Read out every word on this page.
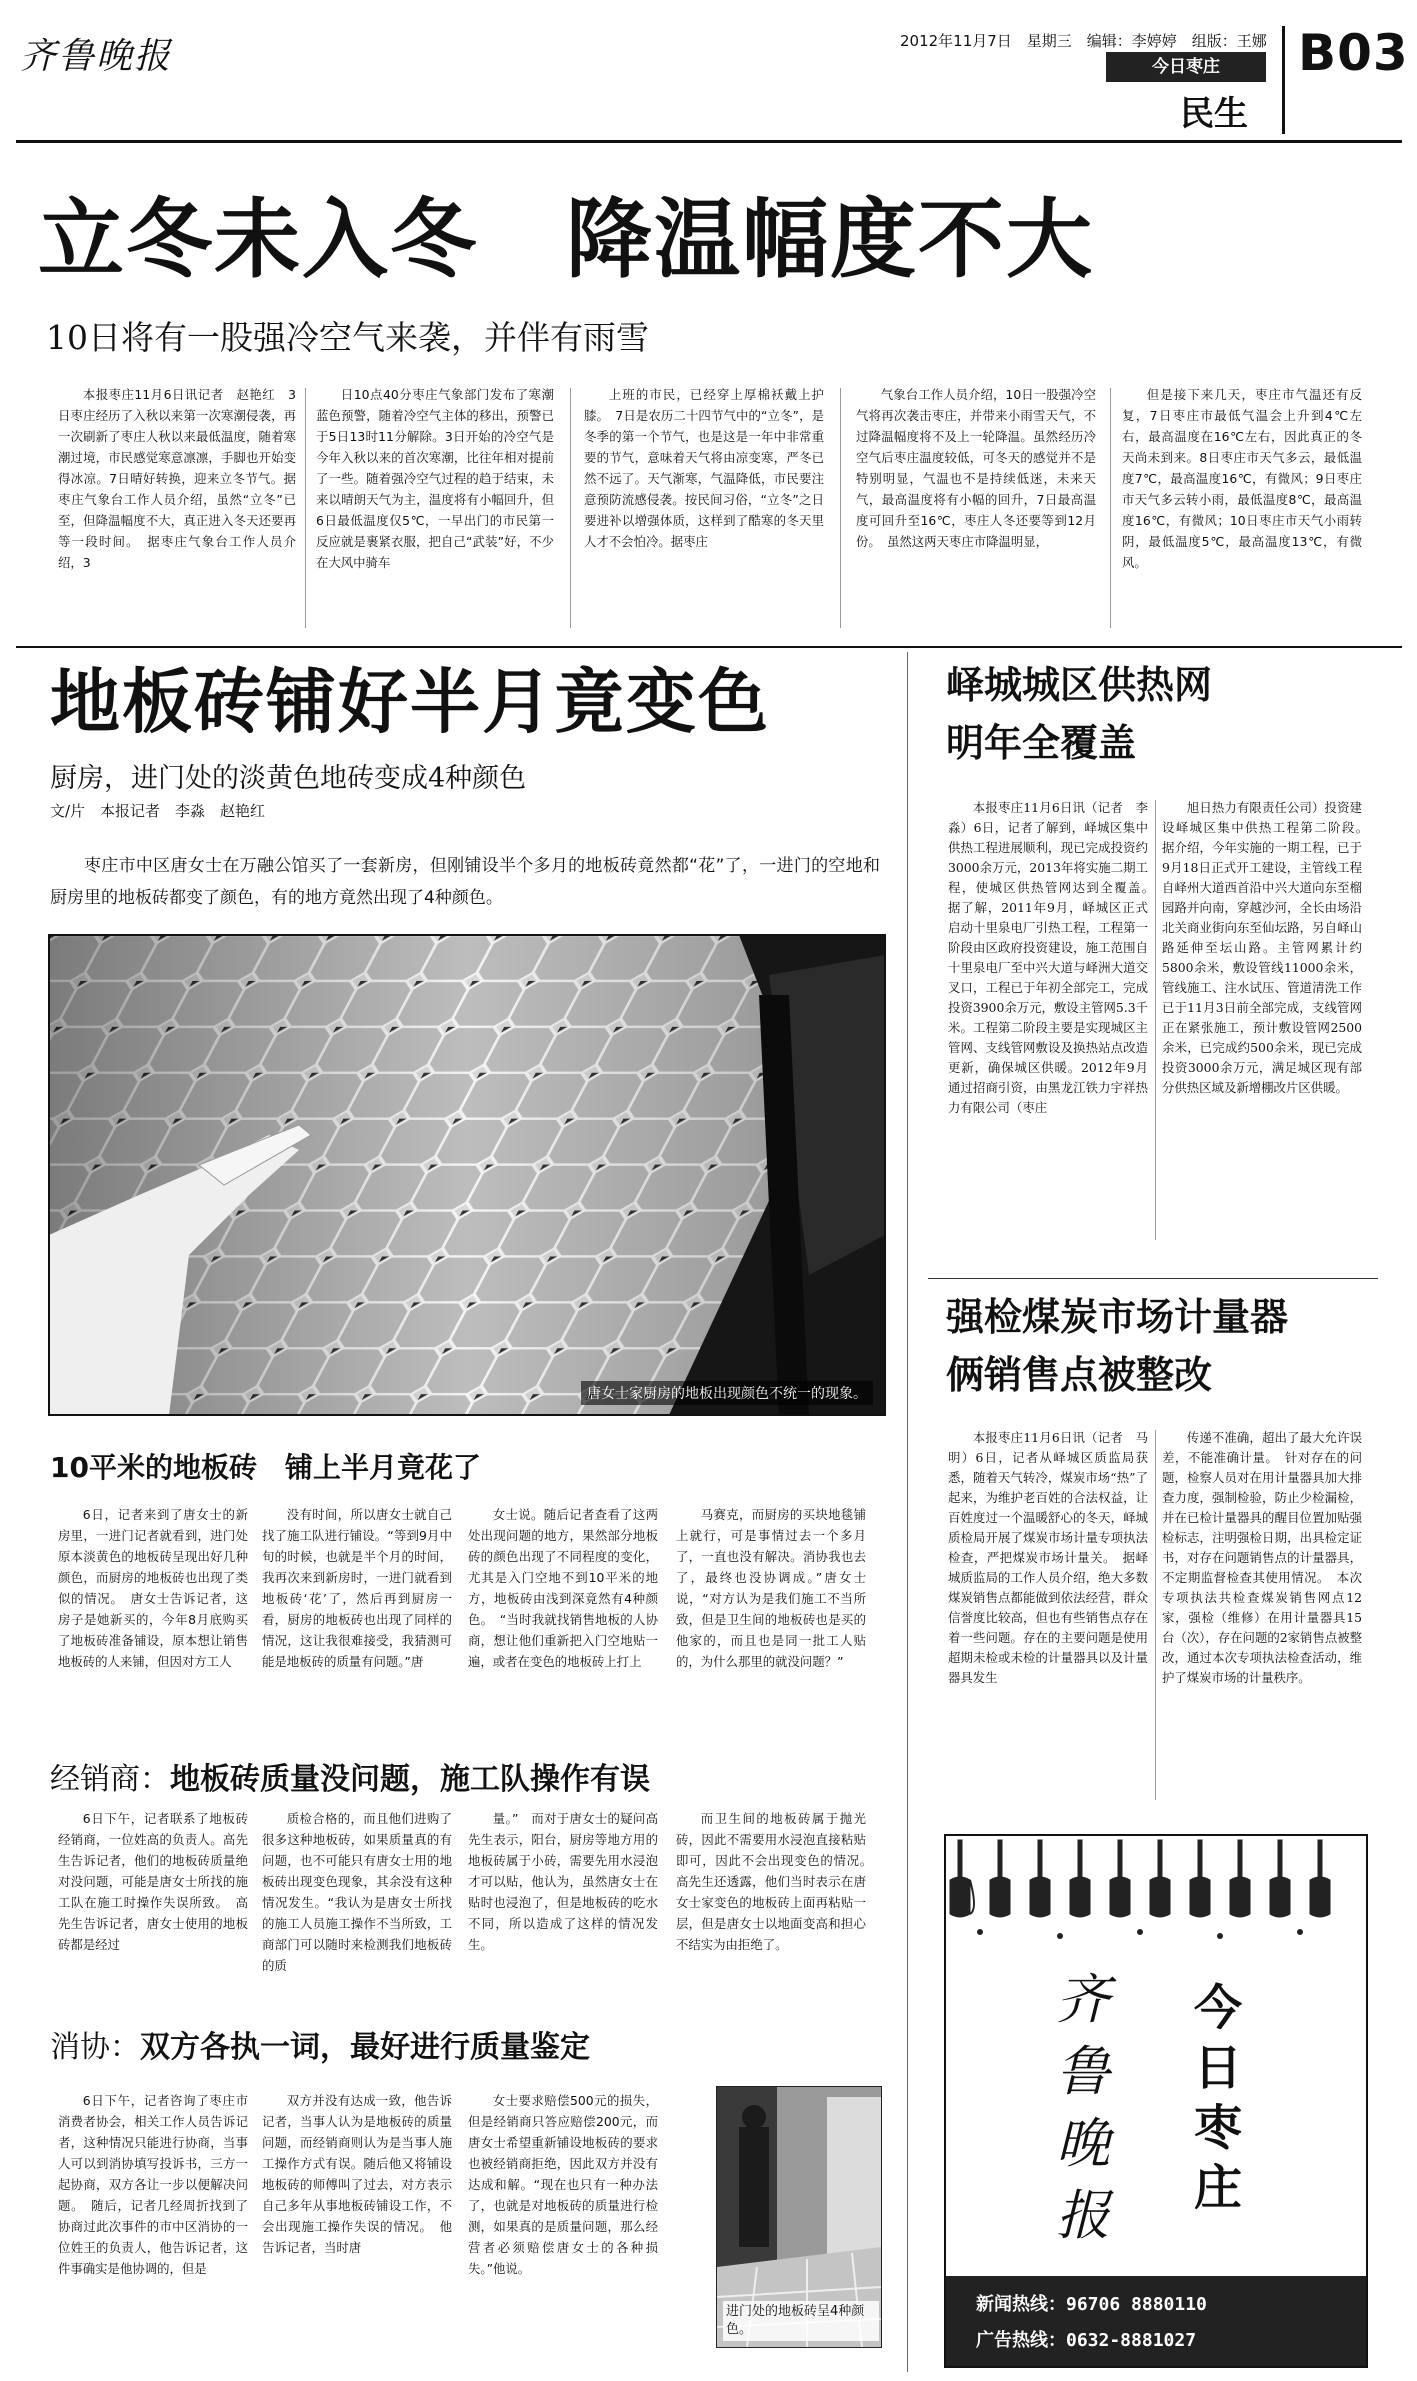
齐鲁晚报	2012年11月7日　星期三　编辑：李婷婷　组版：王娜
今日枣庄
民生
B03
立冬未入冬　降温幅度不大
10日将有一股强冷空气来袭，并伴有雨雪

本报枣庄11月6日讯记者　赵艳红　3日枣庄经历了入秋以来第一次寒潮侵袭，再一次刷新了枣庄人秋以来最低温度，随着寒潮过境，市民感觉寒意凛凛，手脚也开始变得冰凉。7日晴好转换，迎来立冬节气。据枣庄气象台工作人员介绍，虽然“立冬”已至，但降温幅度不大，真正进入冬天还要再等一段时间。　据枣庄气象台工作人员介绍，3

日10点40分枣庄气象部门发布了寒潮蓝色预警，随着冷空气主体的移出，预警已于5日13时11分解除。3日开始的冷空气是今年入秋以来的首次寒潮，比往年相对提前了一些。随着强冷空气过程的趋于结束，未来以晴朗天气为主，温度将有小幅回升，但6日最低温度仅5℃，一早出门的市民第一反应就是裹紧衣服，把自己“武装”好，不少在大风中骑车

上班的市民，已经穿上厚棉袄戴上护膝。　7日是农历二十四节气中的“立冬”，是冬季的第一个节气，也是这是一年中非常重要的节气，意味着天气将由凉变寒，严冬已然不远了。天气渐寒，气温降低，市民要注意预防流感侵袭。按民间习俗，“立冬”之日要进补以增强体质，这样到了酷寒的冬天里人才不会怕冷。据枣庄

气象台工作人员介绍，10日一股强冷空气将再次袭击枣庄，并带来小雨雪天气，不过降温幅度将不及上一轮降温。虽然经历冷空气后枣庄温度较低，可冬天的感觉并不是特别明显，气温也不是持续低迷，未来天气，最高温度将有小幅的回升，7日最高温度可回升至16℃，枣庄人冬还要等到12月份。　虽然这两天枣庄市降温明显，

但是接下来几天，枣庄市气温还有反复，7日枣庄市最低气温会上升到4℃左右，最高温度在16℃左右，因此真正的冬天尚未到来。8日枣庄市天气多云，最低温度7℃，最高温度16℃，有微风；9日枣庄市天气多云转小雨，最低温度8℃，最高温度16℃，有微风；10日枣庄市天气小雨转阴，最低温度5℃，最高温度13℃，有微风。

地板砖铺好半月竟变色
厨房，进门处的淡黄色地砖变成4种颜色
文/片　本报记者　李淼　赵艳红
枣庄市中区唐女士在万融公馆买了一套新房，但刚铺设半个多月的地板砖竟然都“花”了，一进门的空地和厨房里的地板砖都变了颜色，有的地方竟然出现了4种颜色。
唐女士家厨房的地板出现颜色不统一的现象。
10平米的地板砖　铺上半月竟花了

6日，记者来到了唐女士的新房里，一进门记者就看到，进门处原本淡黄色的地板砖呈现出好几种颜色，而厨房的地板砖也出现了类似的情况。　唐女士告诉记者，这房子是她新买的，今年8月底购买了地板砖准备铺设，原本想让销售地板砖的人来铺，但因对方工人

没有时间，所以唐女士就自己找了施工队进行铺设。“等到9月中旬的时候，也就是半个月的时间，我再次来到新房时，一进门就看到地板砖‘花’了，然后再到厨房一看，厨房的地板砖也出现了同样的情况，这让我很难接受，我猜测可能是地板砖的质量有问题。”唐

女士说。随后记者查看了这两处出现问题的地方，果然部分地板砖的颜色出现了不同程度的变化，尤其是入门空地不到10平米的地方，地板砖由浅到深竟然有4种颜色。　“当时我就找销售地板的人协商，想让他们重新把入门空地贴一遍，或者在变色的地板砖上打上

马赛克，而厨房的买块地毯铺上就行，可是事情过去一个多月了，一直也没有解决。消协我也去了，最终也没协调成。”唐女士说，“对方认为是我们施工不当所致，但是卫生间的地板砖也是买的他家的，而且也是同一批工人贴的，为什么那里的就没问题？”

经销商：地板砖质量没问题，施工队操作有误

6日下午，记者联系了地板砖经销商，一位姓高的负责人。高先生告诉记者，他们的地板砖质量绝对没问题，可能是唐女士所找的施工队在施工时操作失误所致。　高先生告诉记者，唐女士使用的地板砖都是经过

质检合格的，而且他们进购了很多这种地板砖，如果质量真的有问题，也不可能只有唐女士用的地板砖出现变色现象，其余没有这种情况发生。“我认为是唐女士所找的施工人员施工操作不当所致，工商部门可以随时来检测我们地板砖的质

量。”　而对于唐女士的疑问高先生表示，阳台，厨房等地方用的地板砖属于小砖，需要先用水浸泡才可以贴，他认为，虽然唐女士在贴时也浸泡了，但是地板砖的吃水不同，所以造成了这样的情况发生。

而卫生间的地板砖属于抛光砖，因此不需要用水浸泡直接粘贴即可，因此不会出现变色的情况。　高先生还透露，他们当时表示在唐女士家变色的地板砖上面再粘贴一层，但是唐女士以地面变高和担心不结实为由拒绝了。

消协：双方各执一词，最好进行质量鉴定

6日下午，记者咨询了枣庄市消费者协会，相关工作人员告诉记者，这种情况只能进行协商，当事人可以到消协填写投诉书，三方一起协商，双方各让一步以便解决问题。　随后，记者几经周折找到了协商过此次事件的市中区消协的一位姓王的负责人，他告诉记者，这件事确实是他协调的，但是

双方并没有达成一致，他告诉记者，当事人认为是地板砖的质量问题，而经销商则认为是当事人施工操作方式有误。随后他又将铺设地板砖的师傅叫了过去，对方表示自己多年从事地板砖铺设工作，不会出现施工操作失误的情况。　他告诉记者，当时唐

女士要求赔偿500元的损失，但是经销商只答应赔偿200元，而唐女士希望重新铺设地板砖的要求也被经销商拒绝，因此双方并没有达成和解。“现在也只有一种办法了，也就是对地板砖的质量进行检测，如果真的是质量问题，那么经营者必须赔偿唐女士的各种损失。”他说。

进门处的地板砖呈4种颜色。
峄城城区供热网
明年全覆盖

本报枣庄11月6日讯（记者　李淼）6日，记者了解到，峄城区集中供热工程进展顺利，现已完成投资约3000余万元，2013年将实施二期工程，使城区供热管网达到全覆盖。　据了解，2011年9月，峄城区正式启动十里泉电厂引热工程，工程第一阶段由区政府投资建设，施工范围自十里泉电厂至中兴大道与峄洲大道交叉口，工程已于年初全部完工，完成投资3900余万元，敷设主管网5.3千米。工程第二阶段主要是实现城区主管网、支线管网敷设及换热站点改造更新，确保城区供暖。2012年9月通过招商引资，由黑龙江铁力宇祥热力有限公司（枣庄

旭日热力有限责任公司）投资建设峄城区集中供热工程第二阶段。　据介绍，今年实施的一期工程，已于9月18日正式开工建设，主管线工程自峄州大道西首沿中兴大道向东至榴园路并向南，穿越沙河，全长由场沿北关商业街向东至仙坛路，另自峄山路延伸至坛山路。主管网累计约5800余米，敷设管线11000余米，管线施工、注水试压、管道清洗工作已于11月3日前全部完成，支线管网正在紧张施工，预计敷设管网2500余米，已完成约500余米，现已完成投资3000余万元，满足城区现有部分供热区域及新增棚改片区供暖。

强检煤炭市场计量器
俩销售点被整改

本报枣庄11月6日讯（记者　马明）6日，记者从峄城区质监局获悉，随着天气转冷，煤炭市场“热”了起来，为维护老百姓的合法权益，让百姓度过一个温暖舒心的冬天，峄城质检局开展了煤炭市场计量专项执法检查，严把煤炭市场计量关。　据峄城质监局的工作人员介绍，绝大多数煤炭销售点都能做到依法经营，群众信誉度比较高，但也有些销售点存在着一些问题。存在的主要问题是使用超期未检或未检的计量器具以及计量器具发生

传递不准确，超出了最大允许误差，不能准确计量。　针对存在的问题，检察人员对在用计量器具加大排查力度，强制检验，防止少检漏检，并在已检计量器具的醒目位置加贴强检标志，注明强检日期，出具检定证书，对存在问题销售点的计量器具，不定期监督检查其使用情况。　本次专项执法共检查煤炭销售网点12家，强检（维修）在用计量器具15台（次），存在问题的2家销售点被整改，通过本次专项执法检查活动，维护了煤炭市场的计量秩序。

齐鲁晚报
今日枣庄
新闻热线：96706 8880110
广告热线：0632-8881027
